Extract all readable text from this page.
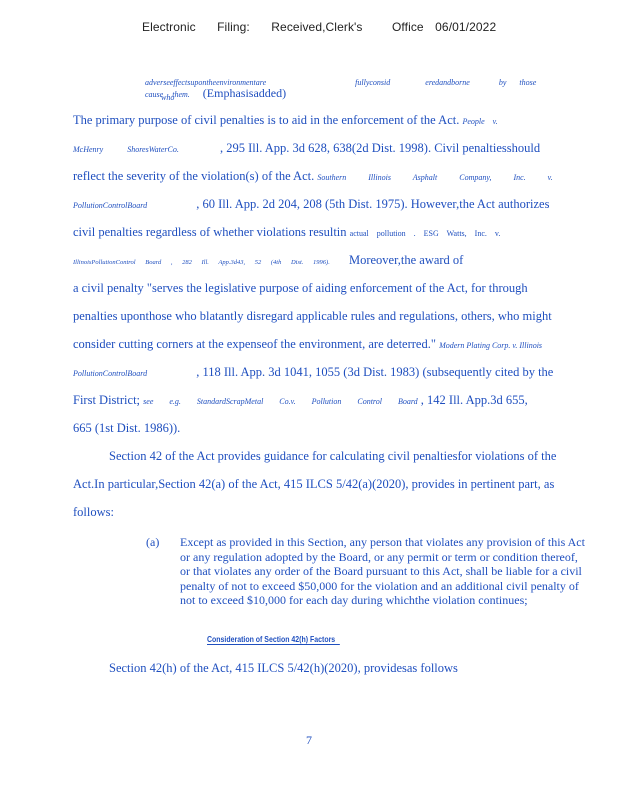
Electronic Filing: Received,Clerk's Office 06/01/2022
adverseeffectsupontheenvironmentare	fullyconsid	eredandborne	by those who
cause them. (Emphasisadded)
The primary purpose of civil penalties is to aid in the enforcement of the Act. People v.
McHenry ShoresWaterCo.	, 295 Ill. App. 3d 628, 638(2d Dist. 1998). Civil penaltiesshould
reflect the severity of the violation(s) of the Act. Southern Illinois Asphalt Company, Inc. v.
PollutionControlBoard	, 60 Ill. App. 2d 204, 208 (5th Dist. 1975). However,the Act authorizes
civil penalties regardless of whether violations resultin actual pollution . ESG Watts, Inc. v.
IllinoisPollutionControl Board , 282 Ill. App.3d43, 52 (4th Dist. 1996). Moreover,the award of
a civil penalty "serves the legislative purpose of aiding enforcement of the Act, for through
penalties uponthose who blatantly disregard applicable rules and regulations, others, who might
consider cutting corners at the expenseof the environment, are deterred." Modern Plating Corp. v. Illinois
PollutionControlBoard	, 118 Ill. App. 3d 1041, 1055 (3d Dist. 1983) (subsequently cited by the
First District; see e.g. StandardScrapMetal Co.v. Pollution Control Board , 142 Ill. App.3d 655,
665 (1st Dist. 1986)).
Section 42 of the Act provides guidance for calculating civil penaltiesfor violations of the
Act.In particular,Section 42(a) of the Act, 415 ILCS 5/42(a)(2020), provides in pertinent part, as
follows:
(a) Except as provided in this Section, any person that violates any provision of this Act or any regulation adopted by the Board, or any permit or term or condition thereof, or that violates any order of the Board pursuant to this Act, shall be liable for a civil penalty of not to exceed $50,000 for the violation and an additional civil penalty of not to exceed $10,000 for each day during whichthe violation continues;
Consideration of Section 42(h) Factors
Section 42(h) of the Act, 415 ILCS 5/42(h)(2020), providesas follows
7
